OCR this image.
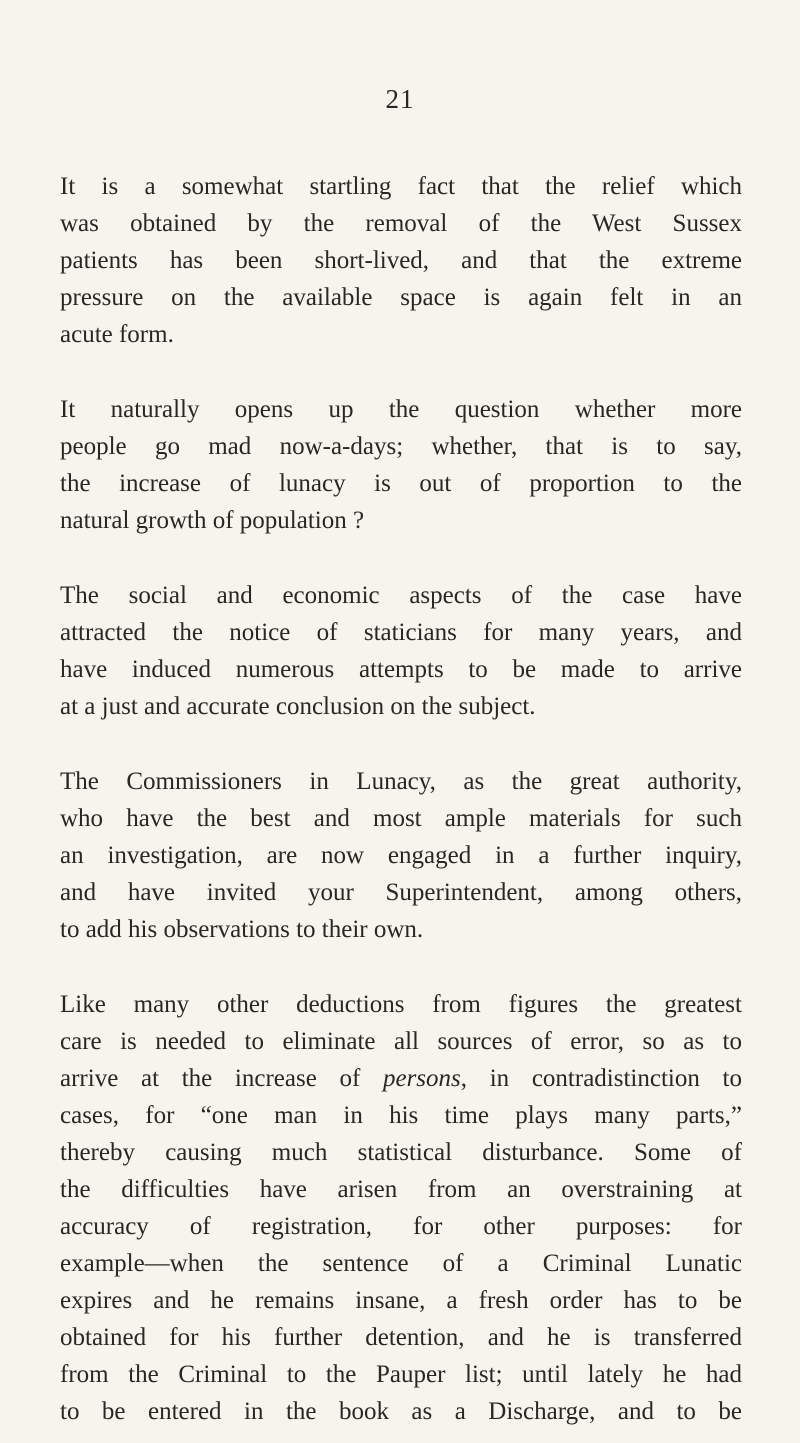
21

It is a somewhat startling fact that the relief which
was obtained by the removal of the West Sussex
patients has been short-lived, and that the extreme
pressure on the available space is again felt in an
acute form.

It naturally opens up the question whether more
people go mad now-a-days; whether, that is to say,
the increase of lunacy is out of proportion to the
natural growth of population ?

The social and economic aspects of the case have
attracted the notice of staticians for many years, and
have induced numerous attempts to be made to arrive
at a just and accurate conclusion on the subject.

The Commissioners in Lunacy, as the great authority,
who have the best and most ample materials for such
an investigation, are now engaged in a further inquiry,
and have invited your Superintendent, among others,
to add his observations to their own.

Like many other deductions from figures the greatest
care is needed to eliminate all sources of error, so as to
arrive at the increase of persons, in contradistinction to
cases, for “one man in his time plays many parts,”
thereby causing much statistical disturbance. Some of
the difficulties have arisen from an overstraining at
accuracy of registration, for other purposes: for
example—when the sentence of a Criminal Lunatic
expires and he remains insane, a fresh order has to be
obtained for his further detention, and he is transferred
from the Criminal to the Pauper list; until lately he had
to be entered in the book as a Discharge, and to be
